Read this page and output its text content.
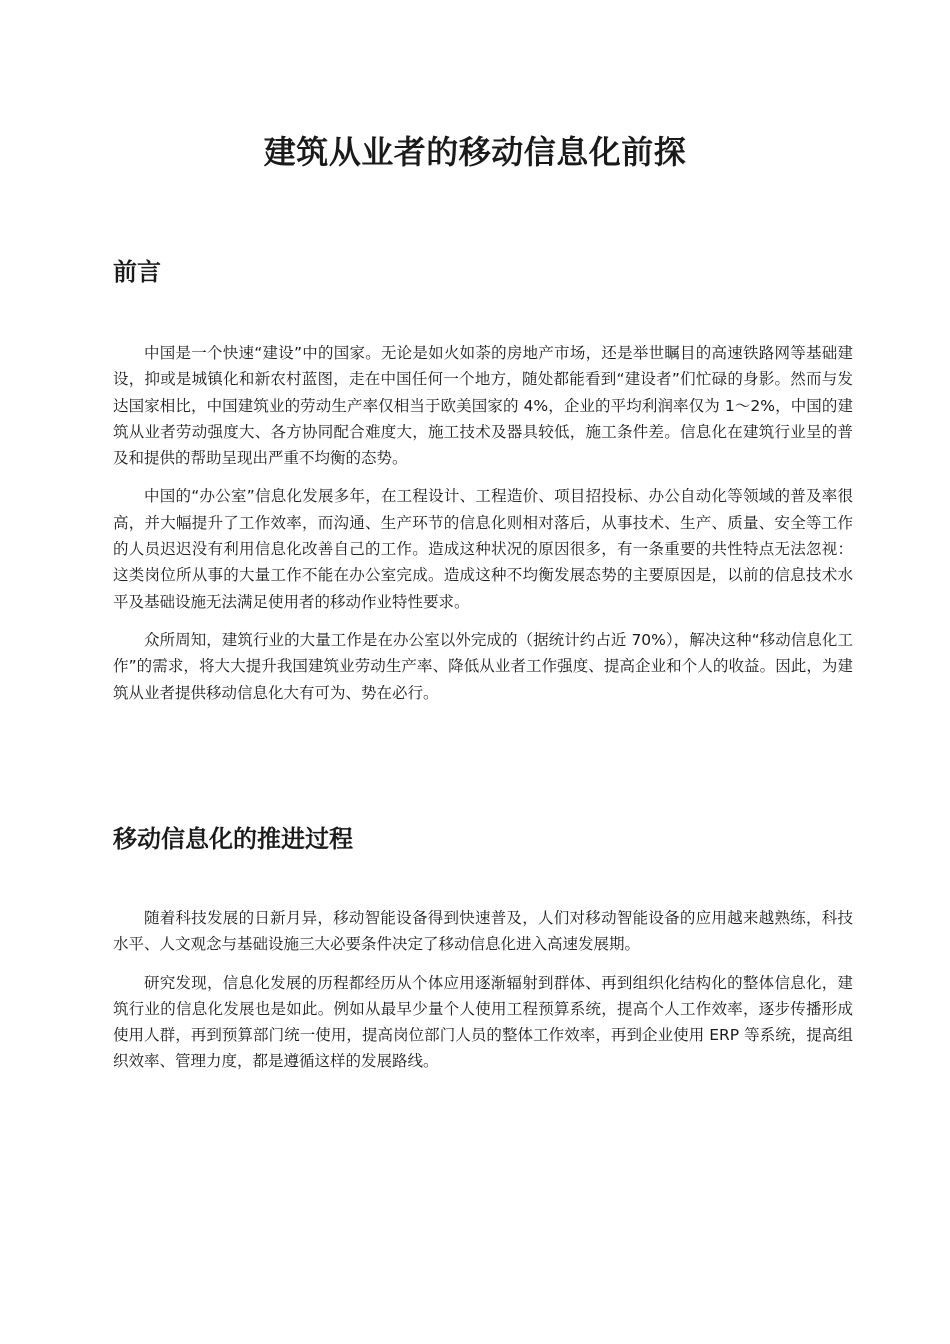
建筑从业者的移动信息化前探
前言

中国是一个快速“建设”中的国家。无论是如火如荼的房地产市场，还是举世瞩目的高速铁路网等基础建设，抑或是城镇化和新农村蓝图，走在中国任何一个地方，随处都能看到“建设者”们忙碌的身影。然而与发达国家相比，中国建筑业的劳动生产率仅相当于欧美国家的 4%，企业的平均利润率仅为 1～2%，中国的建筑从业者劳动强度大、各方协同配合难度大，施工技术及器具较低，施工条件差。信息化在建筑行业呈的普及和提供的帮助呈现出严重不均衡的态势。

中国的“办公室”信息化发展多年，在工程设计、工程造价、项目招投标、办公自动化等领域的普及率很高，并大幅提升了工作效率，而沟通、生产环节的信息化则相对落后，从事技术、生产、质量、安全等工作的人员迟迟没有利用信息化改善自己的工作。造成这种状况的原因很多，有一条重要的共性特点无法忽视：这类岗位所从事的大量工作不能在办公室完成。造成这种不均衡发展态势的主要原因是，以前的信息技术水平及基础设施无法满足使用者的移动作业特性要求。

众所周知，建筑行业的大量工作是在办公室以外完成的（据统计约占近 70%），解决这种“移动信息化工作”的需求，将大大提升我国建筑业劳动生产率、降低从业者工作强度、提高企业和个人的收益。因此，为建筑从业者提供移动信息化大有可为、势在必行。

移动信息化的推进过程

随着科技发展的日新月异，移动智能设备得到快速普及，人们对移动智能设备的应用越来越熟练，科技水平、人文观念与基础设施三大必要条件决定了移动信息化进入高速发展期。

研究发现，信息化发展的历程都经历从个体应用逐渐辐射到群体、再到组织化结构化的整体信息化，建筑行业的信息化发展也是如此。例如从最早少量个人使用工程预算系统，提高个人工作效率，逐步传播形成使用人群，再到预算部门统一使用，提高岗位部门人员的整体工作效率，再到企业使用 ERP 等系统，提高组织效率、管理力度，都是遵循这样的发展路线。
